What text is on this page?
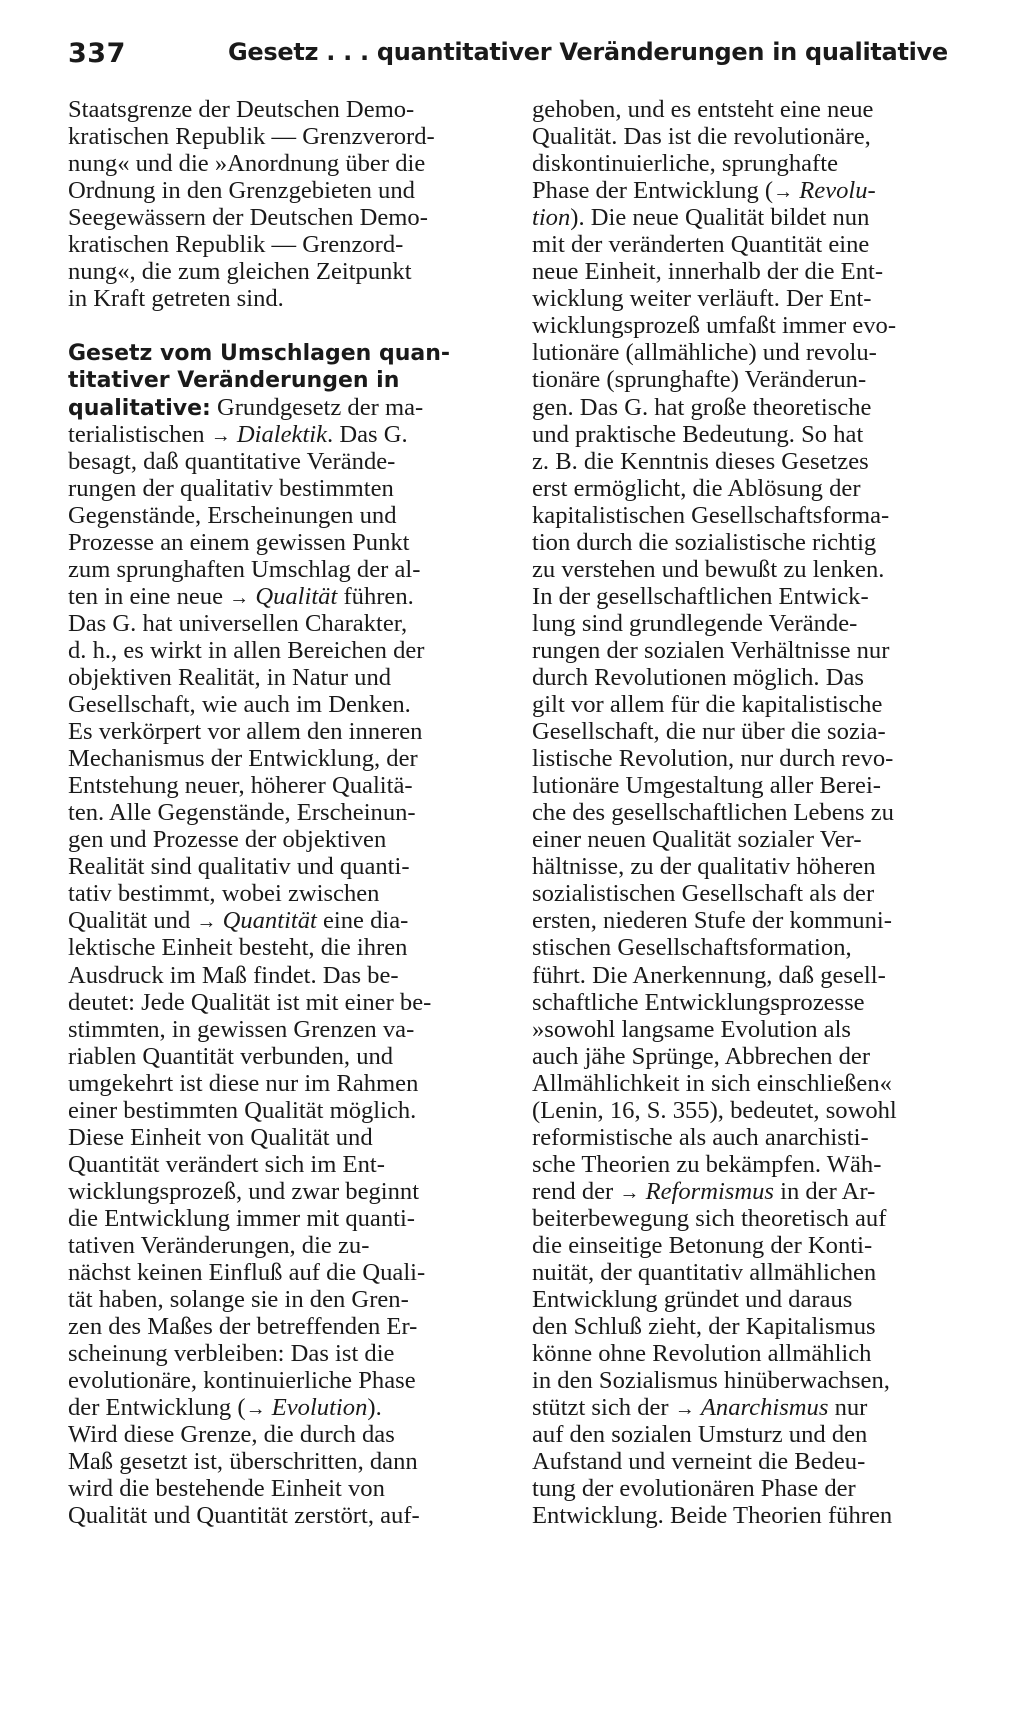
337	Gesetz . . . quantitativer Veränderungen in qualitative
Staatsgrenze der Deutschen Demo-
kratischen Republik — Grenzverord-
nung« und die »Anordnung über die
Ordnung in den Grenzgebieten und
Seegewässern der Deutschen Demo-
kratischen Republik — Grenzord-
nung«, die zum gleichen Zeitpunkt
in Kraft getreten sind.
Gesetz vom Umschlagen quan-
titativer Veränderungen in
qualitative: Grundgesetz der ma-
terialistischen → Dialektik. Das G.
besagt, daß quantitative Verände-
rungen der qualitativ bestimmten
Gegenstände, Erscheinungen und
Prozesse an einem gewissen Punkt
zum sprunghaften Umschlag der al-
ten in eine neue → Qualität führen.
Das G. hat universellen Charakter,
d. h., es wirkt in allen Bereichen der
objektiven Realität, in Natur und
Gesellschaft, wie auch im Denken.
Es verkörpert vor allem den inneren
Mechanismus der Entwicklung, der
Entstehung neuer, höherer Qualitä-
ten. Alle Gegenstände, Erscheinun-
gen und Prozesse der objektiven
Realität sind qualitativ und quanti-
tativ bestimmt, wobei zwischen
Qualität und → Quantität eine dia-
lektische Einheit besteht, die ihren
Ausdruck im Maß findet. Das be-
deutet: Jede Qualität ist mit einer be-
stimmten, in gewissen Grenzen va-
riablen Quantität verbunden, und
umgekehrt ist diese nur im Rahmen
einer bestimmten Qualität möglich.
Diese Einheit von Qualität und
Quantität verändert sich im Ent-
wicklungsprozeß, und zwar beginnt
die Entwicklung immer mit quanti-
tativen Veränderungen, die zu-
nächst keinen Einfluß auf die Quali-
tät haben, solange sie in den Gren-
zen des Maßes der betreffenden Er-
scheinung verbleiben: Das ist die
evolutionäre, kontinuierliche Phase
der Entwicklung (→ Evolution).
Wird diese Grenze, die durch das
Maß gesetzt ist, überschritten, dann
wird die bestehende Einheit von
Qualität und Quantität zerstört, auf-
gehoben, und es entsteht eine neue
Qualität. Das ist die revolutionäre,
diskontinuierliche, sprunghafte
Phase der Entwicklung (→ Revolu-
tion). Die neue Qualität bildet nun
mit der veränderten Quantität eine
neue Einheit, innerhalb der die Ent-
wicklung weiter verläuft. Der Ent-
wicklungsprozeß umfaßt immer evo-
lutionäre (allmähliche) und revolu-
tionäre (sprunghafte) Veränderun-
gen. Das G. hat große theoretische
und praktische Bedeutung. So hat
z. B. die Kenntnis dieses Gesetzes
erst ermöglicht, die Ablösung der
kapitalistischen Gesellschaftsforma-
tion durch die sozialistische richtig
zu verstehen und bewußt zu lenken.
In der gesellschaftlichen Entwick-
lung sind grundlegende Verände-
rungen der sozialen Verhältnisse nur
durch Revolutionen möglich. Das
gilt vor allem für die kapitalistische
Gesellschaft, die nur über die sozia-
listische Revolution, nur durch revo-
lutionäre Umgestaltung aller Berei-
che des gesellschaftlichen Lebens zu
einer neuen Qualität sozialer Ver-
hältnisse, zu der qualitativ höheren
sozialistischen Gesellschaft als der
ersten, niederen Stufe der kommuni-
stischen Gesellschaftsformation,
führt. Die Anerkennung, daß gesell-
schaftliche Entwicklungsprozesse
»sowohl langsame Evolution als
auch jähe Sprünge, Abbrechen der
Allmählichkeit in sich einschließen«
(Lenin, 16, S. 355), bedeutet, sowohl
reformistische als auch anarchisti-
sche Theorien zu bekämpfen. Wäh-
rend der → Reformismus in der Ar-
beiterbewegung sich theoretisch auf
die einseitige Betonung der Konti-
nuität, der quantitativ allmählichen
Entwicklung gründet und daraus
den Schluß zieht, der Kapitalismus
könne ohne Revolution allmählich
in den Sozialismus hinüberwachsen,
stützt sich der → Anarchismus nur
auf den sozialen Umsturz und den
Aufstand und verneint die Bedeu-
tung der evolutionären Phase der
Entwicklung. Beide Theorien führen
